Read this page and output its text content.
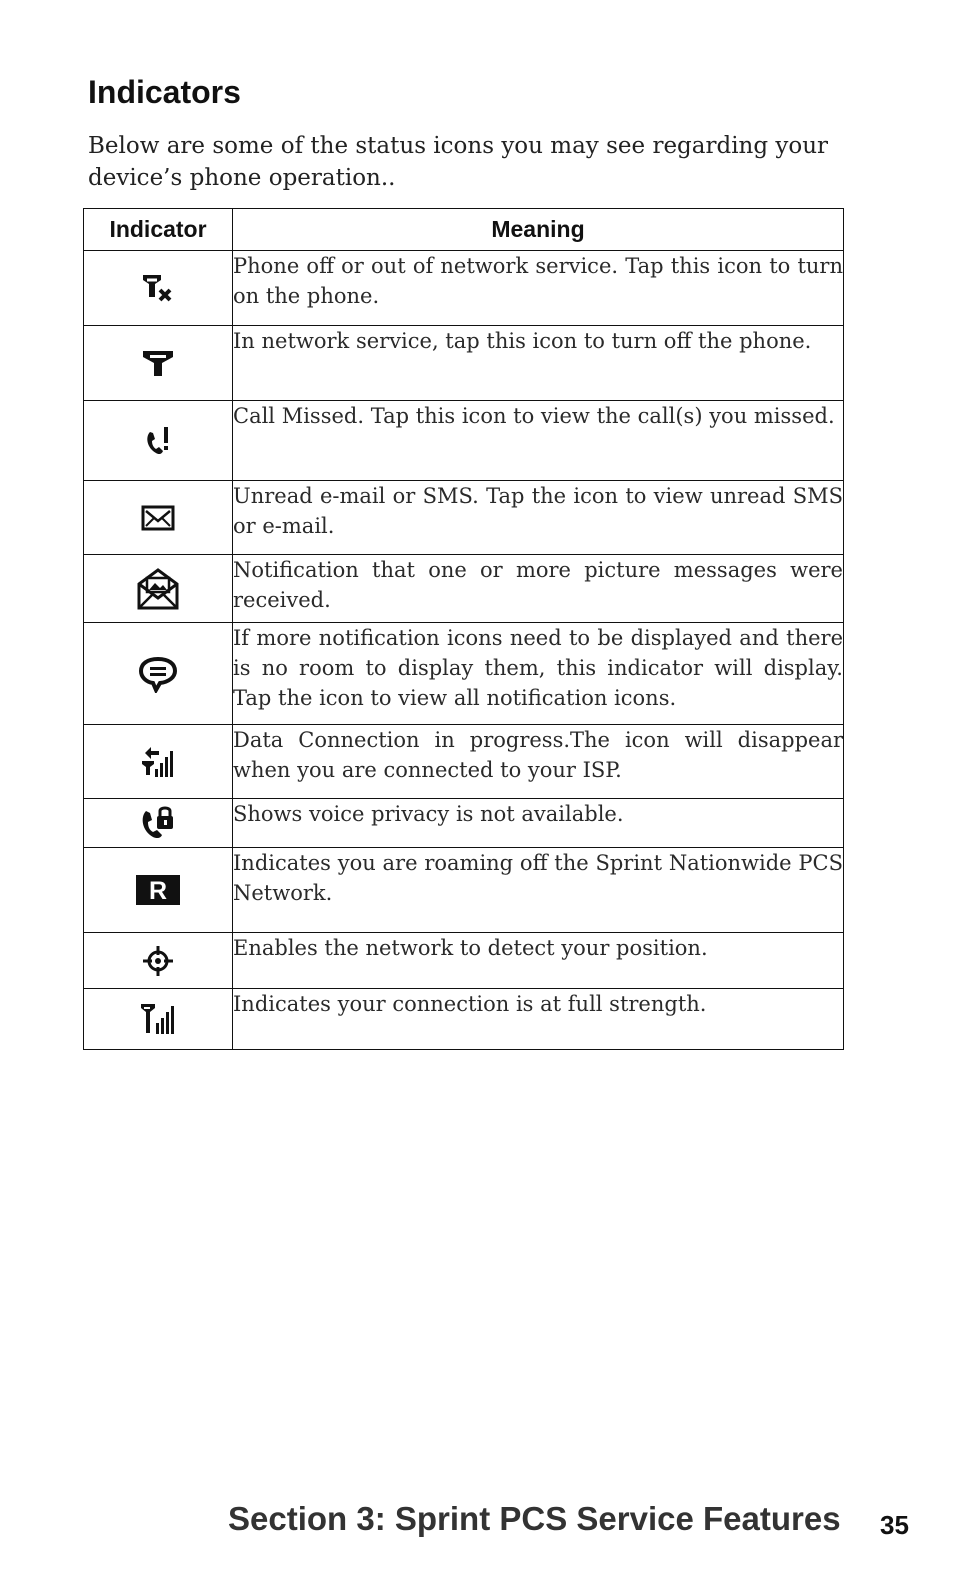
Indicators

Below are some of the status icons you may see regarding your device’s phone operation..

Indicator	Meaning
	Phone off or out of network service. Tap this icon to turn on the phone.
	In network service, tap this icon to turn off the phone.
	Call Missed. Tap this icon to view the call(s) you missed.
	Unread e-mail or SMS. Tap the icon to view unread SMS or e-mail.
	Notification that one or more picture messages were received.
	If more notification icons need to be displayed and there is no room to display them, this indicator will display. Tap the icon to view all notification icons.
	Data Connection in progress.The icon will disappear when you are connected to your ISP.
	Shows voice privacy is not available.

R	Indicates you are roaming off the Sprint Nationwide PCS Network.
	Enables the network to detect your position.
	Indicates your connection is at full strength.

Section 3: Sprint PCS Service Features 35
